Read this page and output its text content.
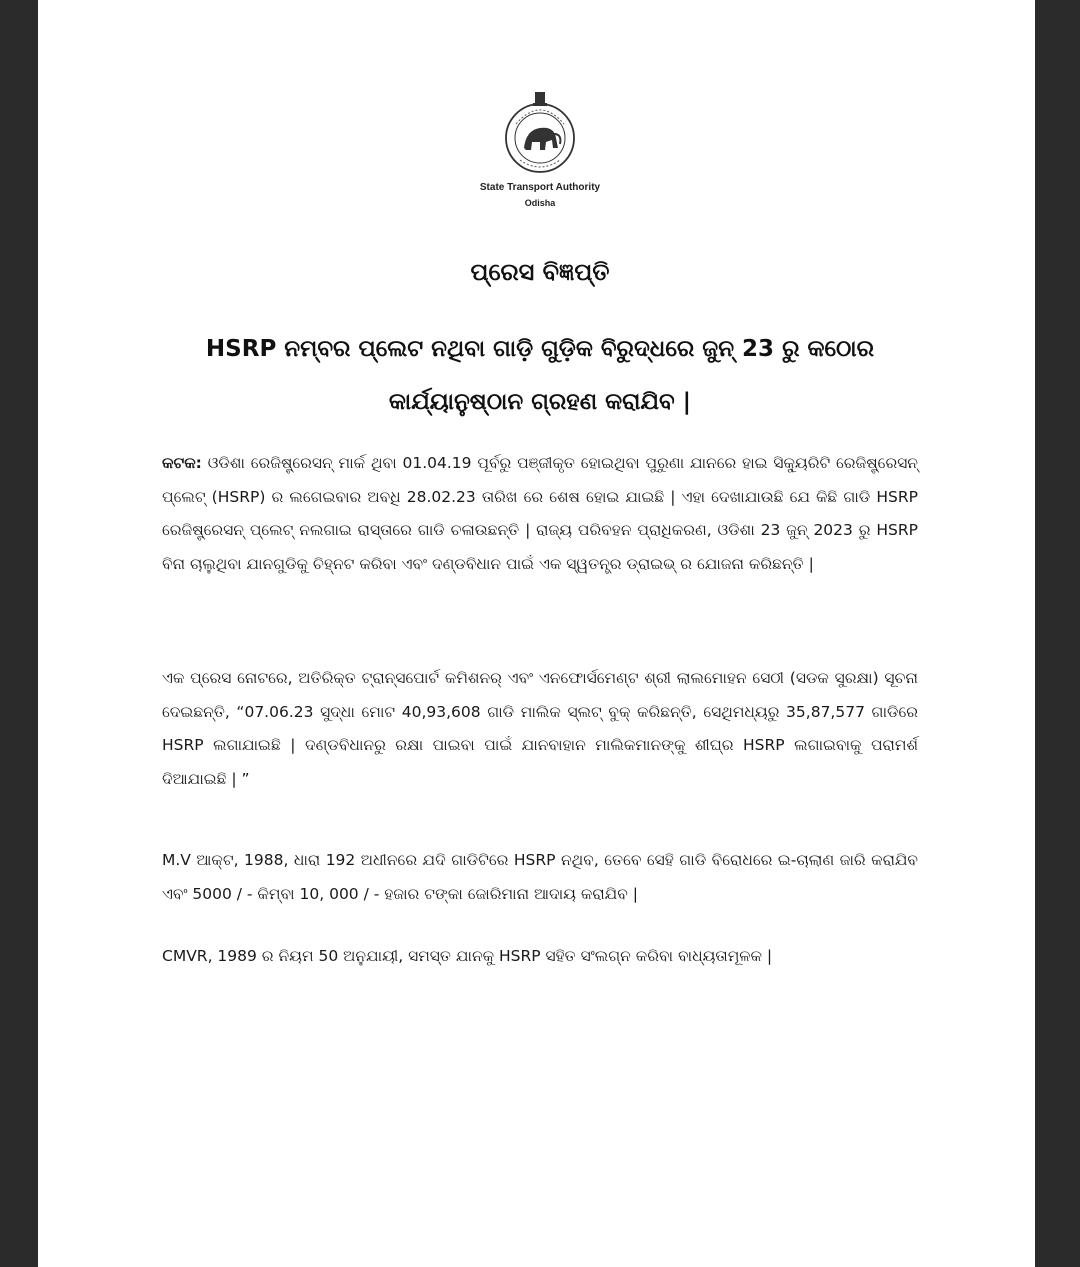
State Transport Authority
Odisha
ପ୍ରେସ ବିଜ୍ଞପ୍ତି
HSRP ନମ୍ବର ପ୍ଲେଟ ନଥିବା ଗାଡ଼ି ଗୁଡ଼ିକ ବିରୁଦ୍ଧରେ ଜୁନ୍ 23 ରୁ କଠୋର କାର୍ଯ୍ୟାନୁଷ୍ଠାନ ଗ୍ରହଣ କରାଯିବ |
କଟକ: ଓଡିଶା ରେଜିଷ୍ଟ୍ରେସନ୍ ମାର୍କ ଥିବା 01.04.19 ପୂର୍ବରୁ ପଞ୍ଜୀକୃତ ହୋଇଥିବା ପୁରୁଣା ଯାନରେ ହାଇ ସିକ୍ୟୁରିଟି ରେଜିଷ୍ଟ୍ରେସନ୍ ପ୍ଲେଟ୍ (HSRP) ର ଲଗେଇବାର ଅବଧି 28.02.23 ତାରିଖ ରେ ଶେଷ ହୋଇ ଯାଇଛି | ଏହା ଦେଖାଯାଉଛି ଯେ କିଛି ଗାଡି HSRP ରେଜିଷ୍ଟ୍ରେସନ୍ ପ୍ଲେଟ୍ ନଲଗାଇ ରାସ୍ତାରେ ଗାଡି ଚଳାଉଛନ୍ତି | ରାଜ୍ୟ ପରିବହନ ପ୍ରାଧିକରଣ, ଓଡିଶା 23 ଜୁନ୍ 2023 ରୁ HSRP ବିନା ଚାଲୁଥିବା ଯାନଗୁଡିକୁ ଚିହ୍ନଟ କରିବା ଏବଂ ଦଣ୍ଡବିଧାନ ପାଇଁ ଏକ ସ୍ୱତନ୍ତ୍ର ଡ୍ରାଇଭ୍ ର ଯୋଜନା କରିଛନ୍ତି |
ଏକ ପ୍ରେସ ନୋଟରେ, ଅତିରିକ୍ତ ଟ୍ରାନ୍ସପୋର୍ଟ କମିଶନର୍ ଏବଂ ଏନଫୋର୍ସମେଣ୍ଟ ଶ୍ରୀ ଲାଲମୋହନ ସେଠୀ (ସଡକ ସୁରକ୍ଷା) ସୂଚନା ଦେଇଛନ୍ତି, “07.06.23 ସୁଦ୍ଧା ମୋଟ 40,93,608 ଗାଡି ମାଲିକ ସ୍ଲଟ୍ ବୁକ୍ କରିଛନ୍ତି, ସେଥିମଧ୍ୟରୁ 35,87,577 ଗାଡିରେ HSRP ଲଗାଯାଇଛି | ଦଣ୍ଡବିଧାନରୁ ରକ୍ଷା ପାଇବା ପାଇଁ ଯାନବାହାନ ମାଲିକମାନଙ୍କୁ ଶୀଘ୍ର HSRP ଲଗାଇବାକୁ ପରାମର୍ଶ ଦିଆଯାଇଛି | ”
M.V ଆକ୍ଟ, 1988, ଧାରା 192 ଅଧୀନରେ ଯଦି ଗାଡିଟିରେ HSRP ନଥିବ, ତେବେ ସେହି ଗାଡି ବିରୋଧରେ ଇ-ଚାଲାଣ ଜାରି କରାଯିବ ଏବଂ 5000 / - କିମ୍ବା 10, 000 / - ହଜାର ଟଙ୍କା ଜୋରିମାନା ଆଦାୟ କରାଯିବ |
CMVR, 1989 ର ନିୟମ 50 ଅନୁଯାୟୀ, ସମସ୍ତ ଯାନକୁ HSRP ସହିତ ସଂଲଗ୍ନ କରିବା ବାଧ୍ୟତାମୂଳକ |
